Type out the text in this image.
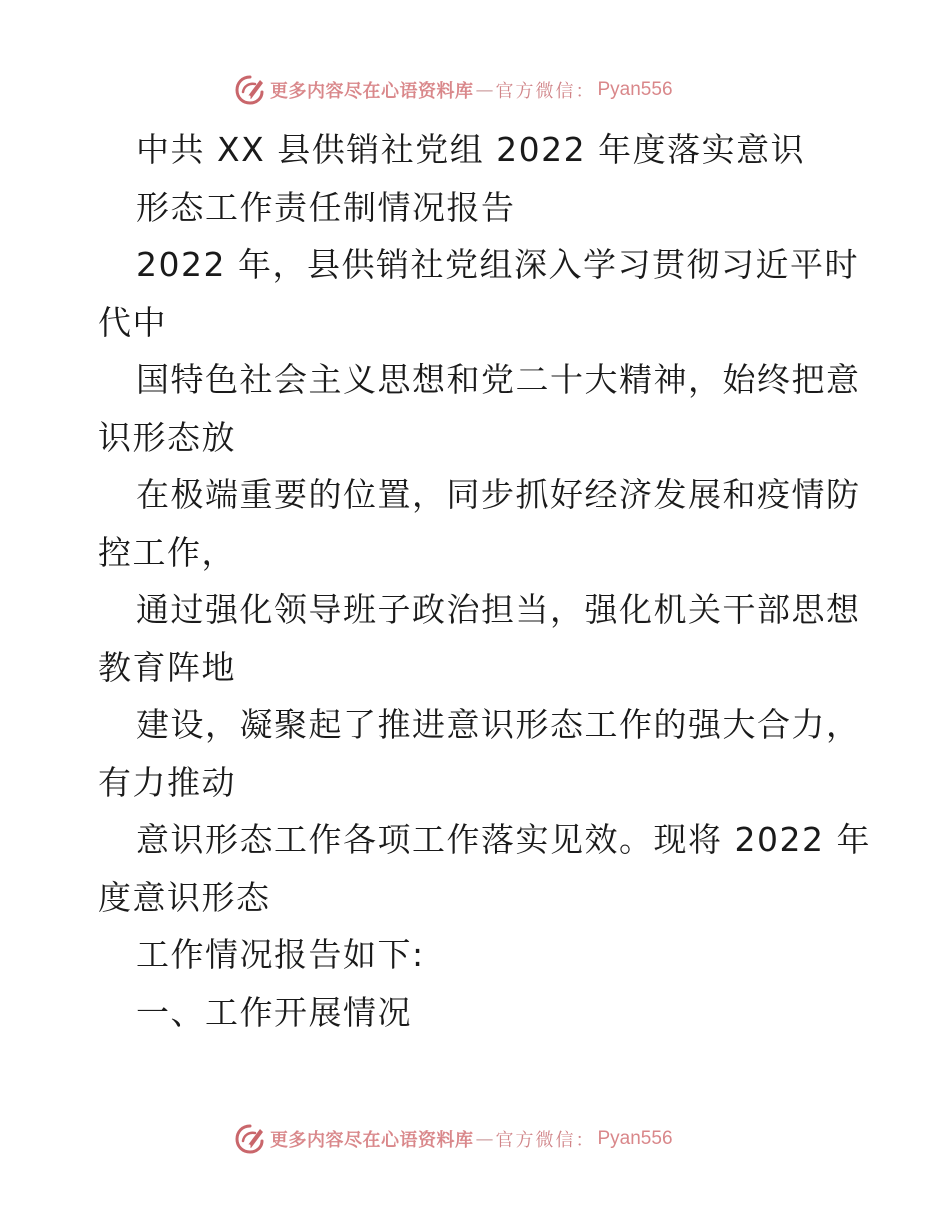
更多内容尽在心语资料库 — 官方微信： Pyan556
中共 XX 县供销社党组 2022 年度落实意识
形态工作责任制情况报告
2022 年，县供销社党组深入学习贯彻习近平时
代中
国特色社会主义思想和党二十大精神，始终把意
识形态放
在极端重要的位置，同步抓好经济发展和疫情防
控工作，
通过强化领导班子政治担当，强化机关干部思想
教育阵地
建设，凝聚起了推进意识形态工作的强大合力，
有力推动
意识形态工作各项工作落实见效。现将 2022 年
度意识形态
工作情况报告如下:
一、工作开展情况
更多内容尽在心语资料库 — 官方微信： Pyan556
